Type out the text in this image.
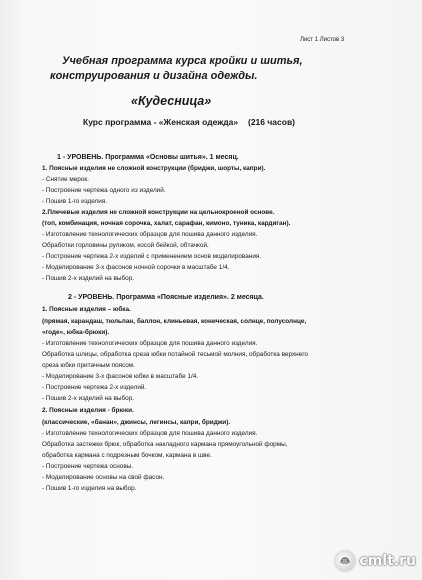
Лист 1 Листов 3
Учебная программа курса кройки и шитья,
конструирования и дизайна одежды.
«Кудесница»
Курс программа - «Женская одежда» (216 часов)
1 - УРОВЕНЬ. Программа «Основы шитья». 1 месяц.
1. Поясные изделия не сложной конструкции (бриджи, шорты, капри).
- Снятие мерок.
- Построение чертежа одного из изделий.
- Пошив 1-го изделия.
2.Плечевые изделия не сложной конструкции на цельнокроеной основе.
(топ, комбинация, ночная сорочка, халат, сарафан, кимоно, туника, кардиган).
- Изготовление технологических образцов для пошива данного изделия.
Обработки горловины руликом, косой бейкой, обтачкой.
- Построение чертежа 2-х изделий с применением основ моделирования.
- Моделирование 3-х фасонов ночной сорочки в масштабе 1/4.
- Пошив 2-х изделий на выбор.
2 - УРОВЕНЬ. Программа «Поясные изделия». 2 месяца.
1. Поясные изделия – юбка.
(прямая, карандаш, тюльпан, баллон, клиньевая, коническая, солнце, полусолнце,
«годе», юбка-брюки).
- Изготовление технологических образцов для пошива данного изделия.
Обработка шлицы, обработка среза юбки потайной тесьмой молния, обработка верхнего
среза юбки притачным поясом.
- Моделирование 3-х фасонов юбки в масштабе 1/4.
- Построение чертежа 2-х изделий.
- Пошив 2-х изделий на выбор.
2. Поясные изделия - брюки.
(классические, «банан», джинсы, легинсы, капри, бриджи).
- Изготовление технологических образцов для пошива данного изделия.
Обработка застежки брюк, обработка накладного кармана прямоугольной формы,
обработка кармана с подрезным бочком, кармана в шве.
- Построение чертежа основы.
- Моделирование основы на свой фасон.
- Пошив 1-го изделия на выбор.
cmlt.ru
